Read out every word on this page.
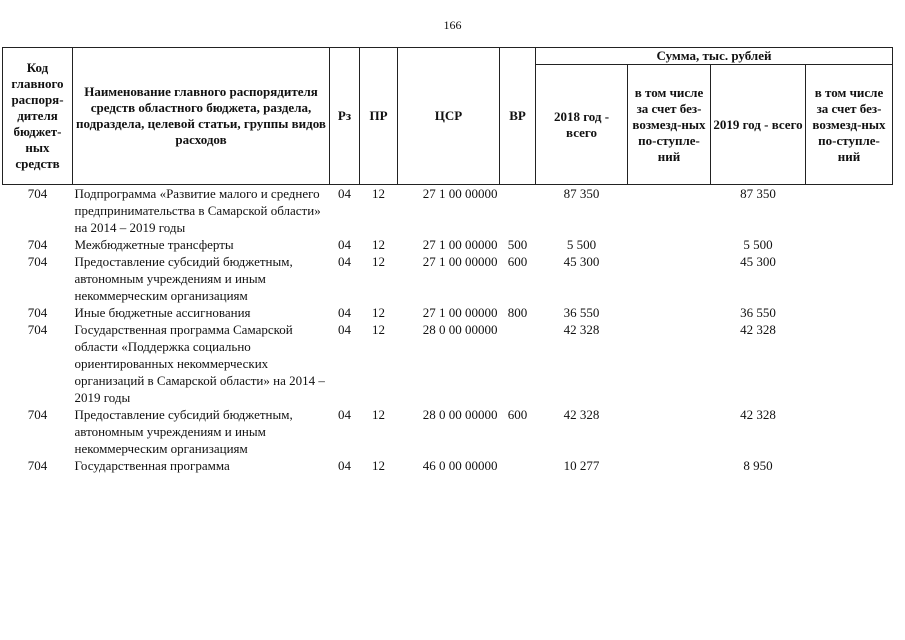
166
Код главного распоря-дителя бюджет-ных средств	Наименование главного распорядителя средств областного бюджета, раздела, подраздела, целевой статьи, группы видов расходов	Рз	ПР	ЦСР	ВР	Сумма, тыс. рублей			
						2018 год - всего	в том числе за счет без-возмезд-ных по-ступле-ний	2019 год - всего	в том числе за счет без-возмезд-ных по-ступле-ний
704	Подпрограмма «Развитие малого и среднего предпринимательства в Самарской области» на 2014 – 2019 годы	04	12	27 1 00 00000		87 350		87 350	
704	Межбюджетные трансферты	04	12	27 1 00 00000	500	5 500		5 500	
704	Предоставление субсидий бюджетным, автономным учреждениям и иным некоммерческим организациям	04	12	27 1 00 00000	600	45 300		45 300	
704	Иные бюджетные ассигнования	04	12	27 1 00 00000	800	36 550		36 550	
704	Государственная программа Самарской области «Поддержка социально ориентированных некоммерческих организаций в Самарской области» на 2014 – 2019 годы	04	12	28 0 00 00000		42 328		42 328	
704	Предоставление субсидий бюджетным, автономным учреждениям и иным некоммерческим организациям	04	12	28 0 00 00000	600	42 328		42 328	
704	Государственная программа	04	12	46 0 00 00000		10 277		8 950	
